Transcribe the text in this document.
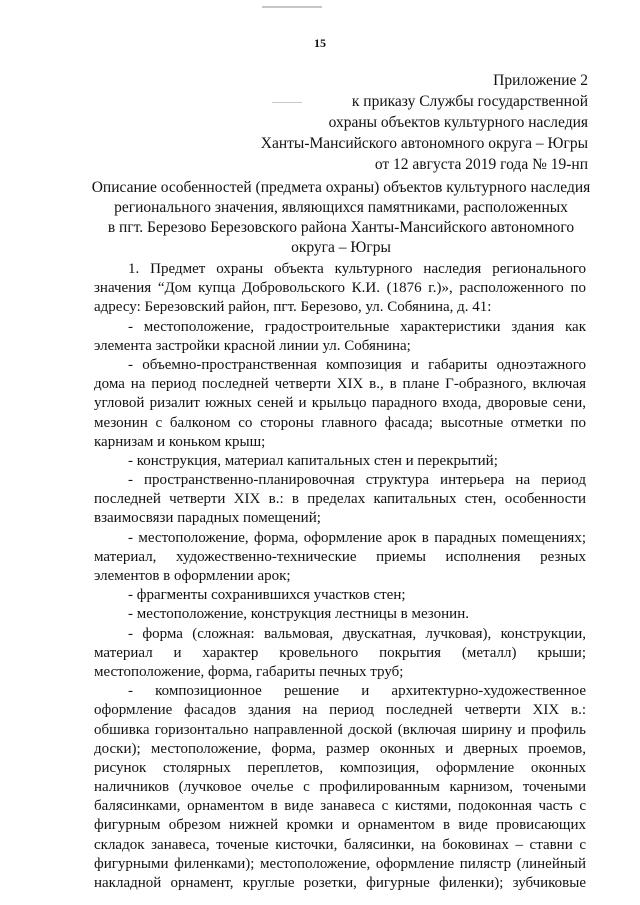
15
Приложение 2
к приказу Службы государственной
охраны объектов культурного наследия
Ханты-Мансийского автономного округа – Югры
от 12 августа 2019 года № 19-нп
Описание особенностей (предмета охраны) объектов культурного наследия
регионального значения, являющихся памятниками, расположенных
в пгт. Березово Березовского района Ханты-Мансийского автономного
округа – Югры
1. Предмет охраны объекта культурного наследия регионального
значения “Дом купца Добровольского К.И. (1876 г.)», расположенного по
адресу: Березовский район, пгт. Березово, ул. Собянина, д. 41:
- местоположение, градостроительные характеристики здания как
элемента застройки красной линии ул. Собянина;
- объемно-пространственная композиция и габариты одноэтажного
дома на период последней четверти XIX в., в плане Г-образного, включая
угловой ризалит южных сеней и крыльцо парадного входа, дворовые сени,
мезонин с балконом со стороны главного фасада; высотные отметки по
карнизам и коньком крыш;
- конструкция, материал капитальных стен и перекрытий;
- пространственно-планировочная структура интерьера на период
последней четверти XIX в.: в пределах капитальных стен, особенности
взаимосвязи парадных помещений;
- местоположение, форма, оформление арок в парадных помещениях;
материал, художественно-технические приемы исполнения резных
элементов в оформлении арок;
- фрагменты сохранившихся участков стен;
- местоположение, конструкция лестницы в мезонин.
- форма (сложная: вальмовая, двускатная, лучковая), конструкции,
материал и характер кровельного покрытия (металл) крыши;
местоположение, форма, габариты печных труб;
- композиционное решение и архитектурно-художественное
оформление фасадов здания на период последней четверти XIX в.:
обшивка горизонтально направленной доской (включая ширину и профиль
доски); местоположение, форма, размер оконных и дверных проемов,
рисунок столярных переплетов, композиция, оформление оконных
наличников (лучковое очелье с профилированным карнизом, точеными
балясинками, орнаментом в виде занавеса с кистями, подоконная часть с
фигурным обрезом нижней кромки и орнаментом в виде провисающих
складок занавеса, точеные кисточки, балясинки, на боковинах – ставни с
фигурными филенками); местоположение, оформление пилястр (линейный
накладной орнамент, круглые розетки, фигурные филенки); зубчиковые
